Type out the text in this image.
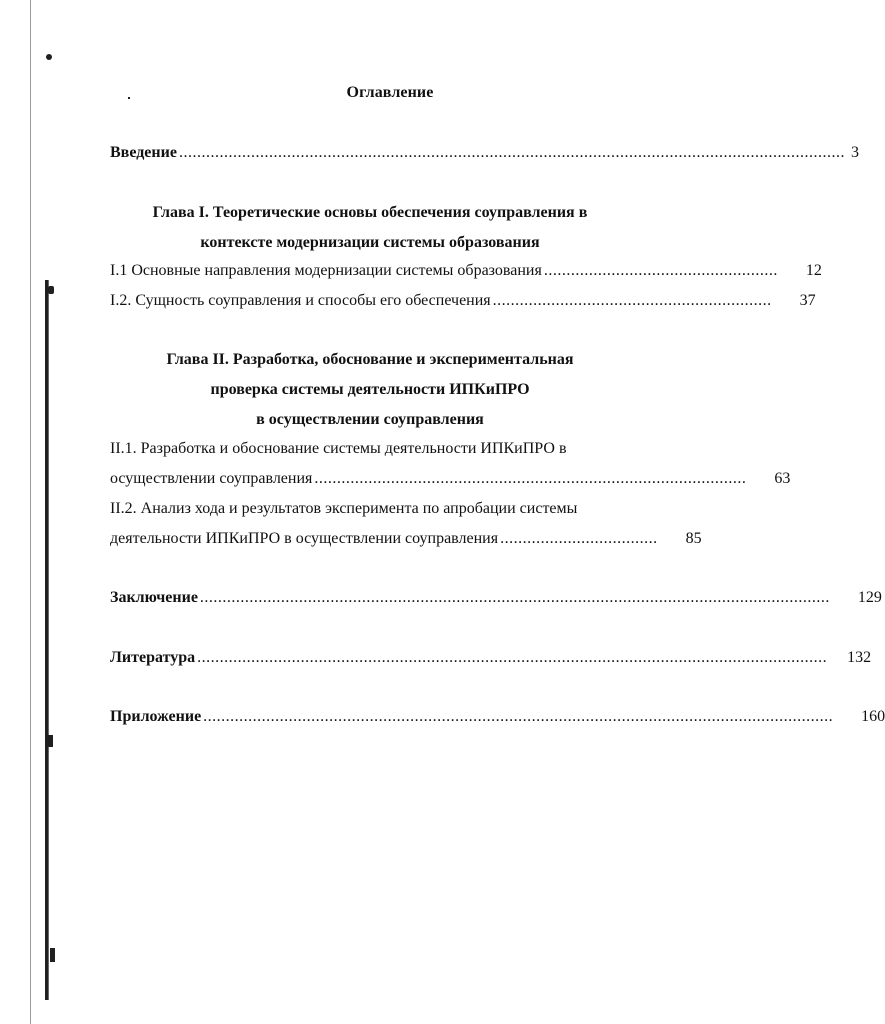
Оглавление
Введение .................................................................................................................................................... 3
Глава I. Теоретические основы обеспечения соуправления в
контексте модернизации системы образования
I.1 Основные направления модернизации системы образования ....................................................	12
I.2. Сущность соуправления и способы его обеспечения ..............................................................	37
Глава II. Разработка, обоснование и экспериментальная
проверка системы деятельности ИПКиПРО
в осуществлении соуправления
II.1. Разработка и обоснование системы деятельности ИПКиПРО в
осуществлении соуправления ................................................................................................	63
II.2. Анализ хода и результатов эксперимента по апробации системы
деятельности ИПКиПРО в осуществлении соуправления ...................................	85
Заключение ............................................................................................................................................	129
Литература ............................................................................................................................................	132
Приложение ............................................................................................................................................	160
